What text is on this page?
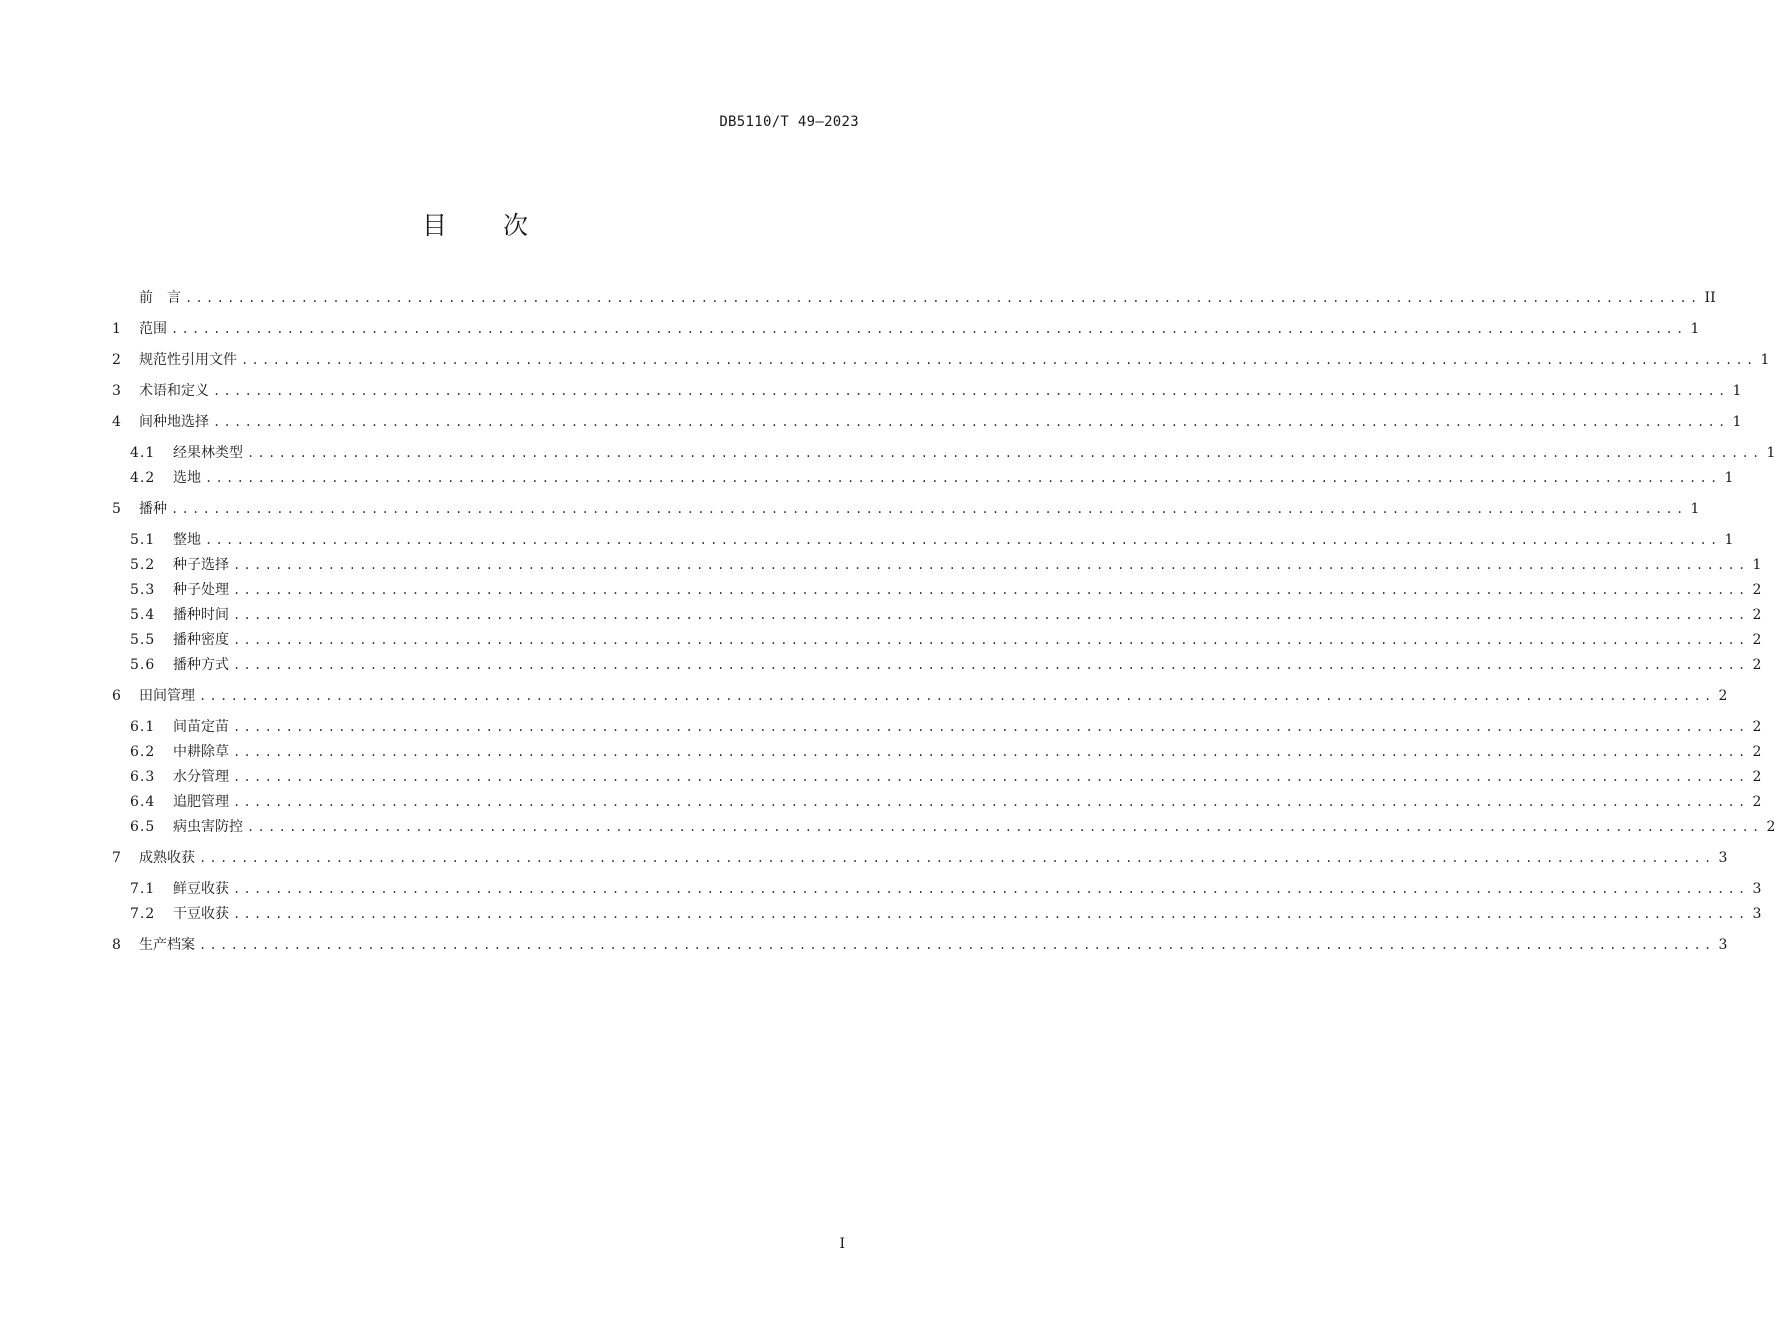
DB5110/T 49—2023
目 次
前　言 ................................................................................................................................................ II
1	范围 ................................................................................................................................................ 1
2	规范性引用文件 ................................................................................................................................................ 1
3	术语和定义 ................................................................................................................................................ 1
4	间种地选择 ................................................................................................................................................ 1
4.1	经果林类型 ................................................................................................................................................ 1
4.2	选地 ................................................................................................................................................ 1
5	播种 ................................................................................................................................................ 1
5.1	整地 ................................................................................................................................................ 1
5.2	种子选择 ................................................................................................................................................ 1
5.3	种子处理 ................................................................................................................................................ 2
5.4	播种时间 ................................................................................................................................................ 2
5.5	播种密度 ................................................................................................................................................ 2
5.6	播种方式 ................................................................................................................................................ 2
6	田间管理 ................................................................................................................................................ 2
6.1	间苗定苗 ................................................................................................................................................ 2
6.2	中耕除草 ................................................................................................................................................ 2
6.3	水分管理 ................................................................................................................................................ 2
6.4	追肥管理 ................................................................................................................................................ 2
6.5	病虫害防控 ................................................................................................................................................ 2
7	成熟收获 ................................................................................................................................................ 3
7.1	鲜豆收获 ................................................................................................................................................ 3
7.2	干豆收获 ................................................................................................................................................ 3
8	生产档案 ................................................................................................................................................ 3
I
